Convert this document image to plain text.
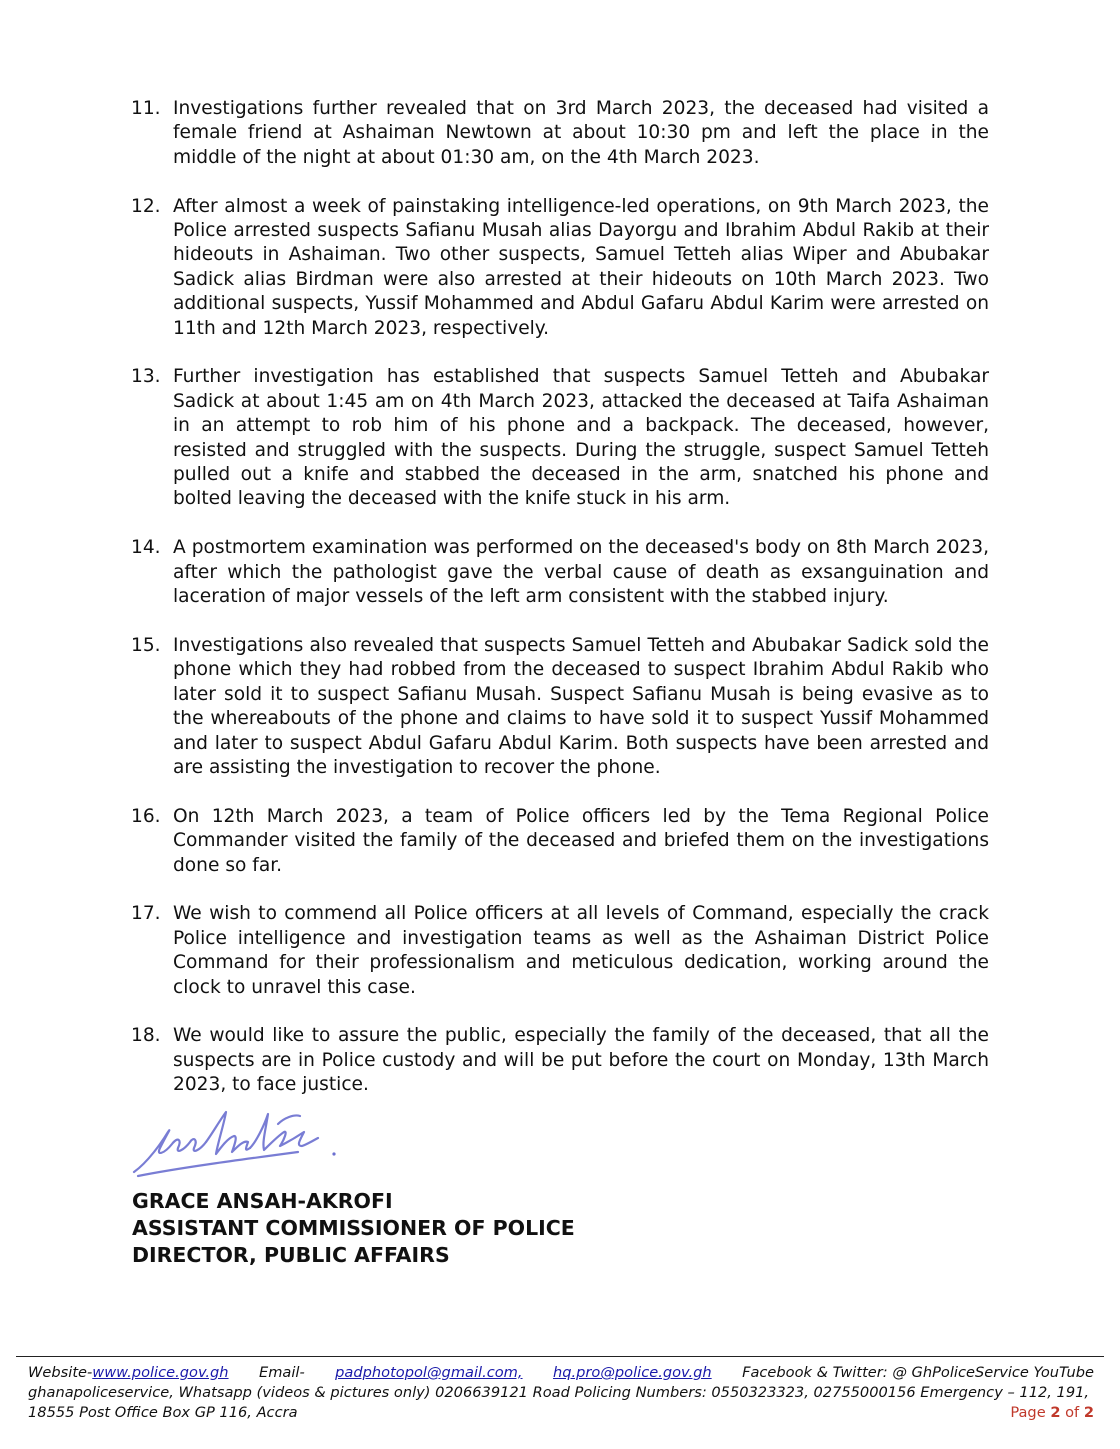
11. Investigations further revealed that on 3rd March 2023, the deceased had visited a female friend at Ashaiman Newtown at about 10:30 pm and left the place in the middle of the night at about 01:30 am, on the 4th March 2023.
12. After almost a week of painstaking intelligence-led operations, on 9th March 2023, the Police arrested suspects Safianu Musah alias Dayorgu and Ibrahim Abdul Rakib at their hideouts in Ashaiman. Two other suspects, Samuel Tetteh alias Wiper and Abubakar Sadick alias Birdman were also arrested at their hideouts on 10th March 2023. Two additional suspects, Yussif Mohammed and Abdul Gafaru Abdul Karim were arrested on 11th and 12th March 2023, respectively.
13. Further investigation has established that suspects Samuel Tetteh and Abubakar Sadick at about 1:45 am on 4th March 2023, attacked the deceased at Taifa Ashaiman in an attempt to rob him of his phone and a backpack. The deceased, however, resisted and struggled with the suspects. During the struggle, suspect Samuel Tetteh pulled out a knife and stabbed the deceased in the arm, snatched his phone and bolted leaving the deceased with the knife stuck in his arm.
14. A postmortem examination was performed on the deceased's body on 8th March 2023, after which the pathologist gave the verbal cause of death as exsanguination and laceration of major vessels of the left arm consistent with the stabbed injury.
15. Investigations also revealed that suspects Samuel Tetteh and Abubakar Sadick sold the phone which they had robbed from the deceased to suspect Ibrahim Abdul Rakib who later sold it to suspect Safianu Musah. Suspect Safianu Musah is being evasive as to the whereabouts of the phone and claims to have sold it to suspect Yussif Mohammed and later to suspect Abdul Gafaru Abdul Karim. Both suspects have been arrested and are assisting the investigation to recover the phone.
16. On 12th March 2023, a team of Police officers led by the Tema Regional Police Commander visited the family of the deceased and briefed them on the investigations done so far.
17. We wish to commend all Police officers at all levels of Command, especially the crack Police intelligence and investigation teams as well as the Ashaiman District Police Command for their professionalism and meticulous dedication, working around the clock to unravel this case.
18. We would like to assure the public, especially the family of the deceased, that all the suspects are in Police custody and will be put before the court on Monday, 13th March 2023, to face justice.
GRACE ANSAH-AKROFI
ASSISTANT COMMISSIONER OF POLICE
DIRECTOR, PUBLIC AFFAIRS
Website-www.police.gov.gh Email- padphotopol@gmail.com, hq.pro@police.gov.gh Facebook & Twitter: @ GhPoliceService YouTube
ghanapoliceservice, Whatsapp (videos & pictures only) 0206639121 Road Policing Numbers: 0550323323, 02755000156 Emergency – 112, 191,
18555 Post Office Box GP 116, Accra	Page 2 of 2
